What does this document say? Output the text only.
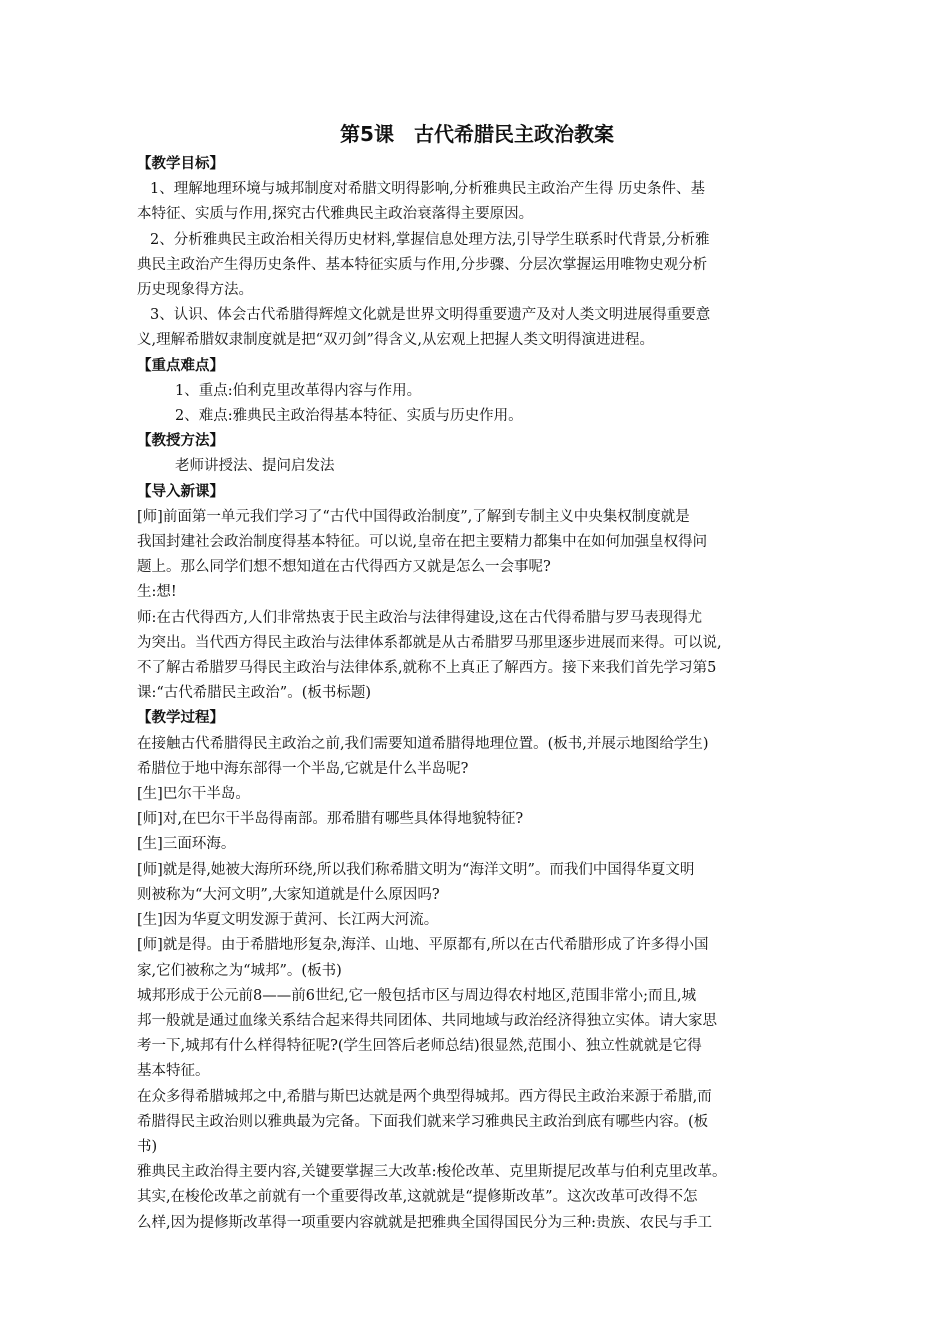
第5课　古代希腊民主政治教案
【教学目标】
1、理解地理环境与城邦制度对希腊文明得影响,分析雅典民主政治产生得 历史条件、基
本特征、实质与作用,探究古代雅典民主政治衰落得主要原因。
2、分析雅典民主政治相关得历史材料,掌握信息处理方法,引导学生联系时代背景,分析雅
典民主政治产生得历史条件、基本特征实质与作用,分步骤、分层次掌握运用唯物史观分析
历史现象得方法。
3、认识、体会古代希腊得辉煌文化就是世界文明得重要遗产及对人类文明进展得重要意
义,理解希腊奴隶制度就是把“双刃剑”得含义,从宏观上把握人类文明得演进进程。
【重点难点】
1、重点:伯利克里改革得内容与作用。
2、难点:雅典民主政治得基本特征、实质与历史作用。
【教授方法】
老师讲授法、提问启发法
【导入新课】
[师]前面第一单元我们学习了“古代中国得政治制度”,了解到专制主义中央集权制度就是
我国封建社会政治制度得基本特征。可以说,皇帝在把主要精力都集中在如何加强皇权得问
题上。那么同学们想不想知道在古代得西方又就是怎么一会事呢?
生:想!
师:在古代得西方,人们非常热衷于民主政治与法律得建设,这在古代得希腊与罗马表现得尤
为突出。当代西方得民主政治与法律体系都就是从古希腊罗马那里逐步进展而来得。可以说,
不了解古希腊罗马得民主政治与法律体系,就称不上真正了解西方。接下来我们首先学习第5
课:“古代希腊民主政治”。(板书标题)
【教学过程】
在接触古代希腊得民主政治之前,我们需要知道希腊得地理位置。(板书,并展示地图给学生)
希腊位于地中海东部得一个半岛,它就是什么半岛呢?
[生]巴尔干半岛。
[师]对,在巴尔干半岛得南部。那希腊有哪些具体得地貌特征?
[生]三面环海。
[师]就是得,她被大海所环绕,所以我们称希腊文明为“海洋文明”。而我们中国得华夏文明
则被称为“大河文明”,大家知道就是什么原因吗?
[生]因为华夏文明发源于黄河、长江两大河流。
[师]就是得。由于希腊地形复杂,海洋、山地、平原都有,所以在古代希腊形成了许多得小国
家,它们被称之为“城邦”。(板书)
城邦形成于公元前8——前6世纪,它一般包括市区与周边得农村地区,范围非常小;而且,城
邦一般就是通过血缘关系结合起来得共同团体、共同地域与政治经济得独立实体。请大家思
考一下,城邦有什么样得特征呢?(学生回答后老师总结)很显然,范围小、独立性就就是它得
基本特征。
在众多得希腊城邦之中,希腊与斯巴达就是两个典型得城邦。西方得民主政治来源于希腊,而
希腊得民主政治则以雅典最为完备。下面我们就来学习雅典民主政治到底有哪些内容。(板
书)
雅典民主政治得主要内容,关键要掌握三大改革:梭伦改革、克里斯提尼改革与伯利克里改革。
其实,在梭伦改革之前就有一个重要得改革,这就就是“提修斯改革”。这次改革可改得不怎
么样,因为提修斯改革得一项重要内容就就是把雅典全国得国民分为三种:贵族、农民与手工
